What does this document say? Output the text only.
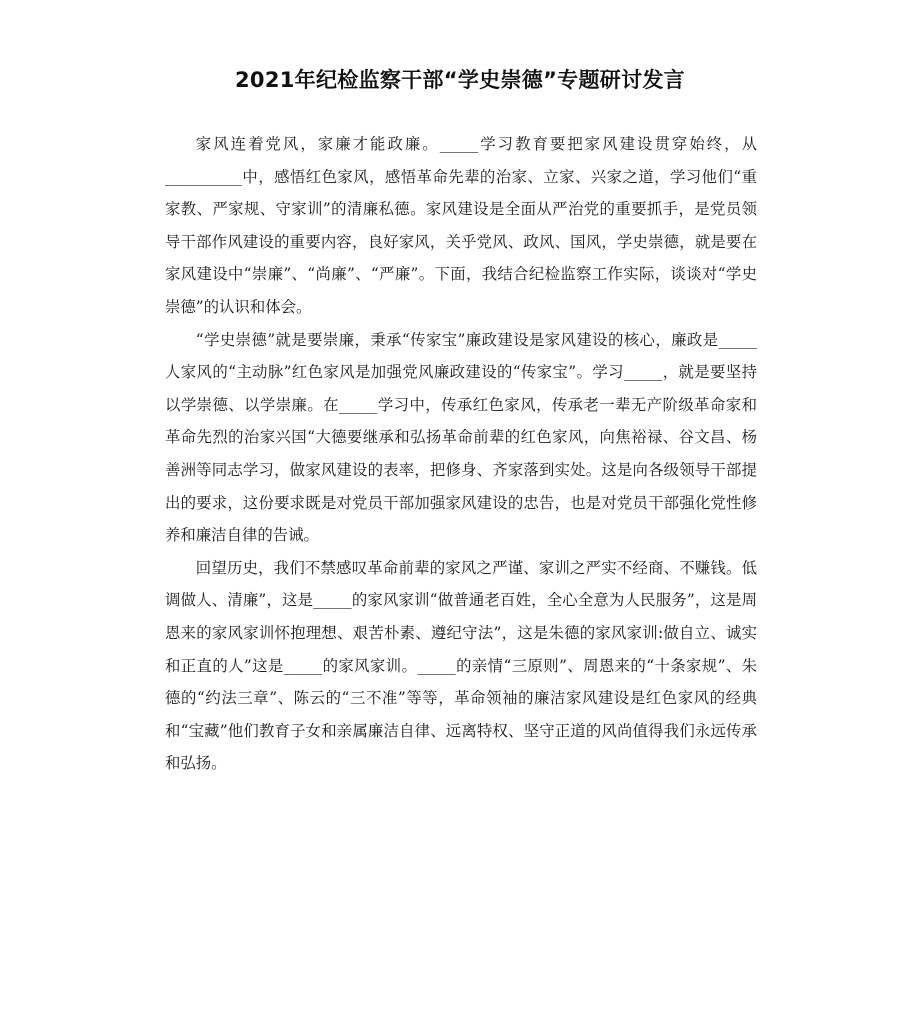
2021年纪检监察干部“学史崇德”专题研讨发言

家风连着党风，家廉才能政廉。_____学习教育要把家风建设贯穿始终，从__________中，感悟红色家风，感悟革命先辈的治家、立家、兴家之道，学习他们“重家教、严家规、守家训”的清廉私德。家风建设是全面从严治党的重要抓手，是党员领导干部作风建设的重要内容，良好家风，关乎党风、政风、国风，学史崇德，就是要在家风建设中“崇廉”、“尚廉”、“严廉”。下面，我结合纪检监察工作实际，谈谈对“学史崇德”的认识和体会。

“学史崇德”就是要崇廉，秉承“传家宝”廉政建设是家风建设的核心，廉政是_____人家风的“主动脉”红色家风是加强党风廉政建设的“传家宝”。学习_____，就是要坚持以学崇德、以学崇廉。在_____学习中，传承红色家风，传承老一辈无产阶级革命家和革命先烈的治家兴国“大德要继承和弘扬革命前辈的红色家风，向焦裕禄、谷文昌、杨善洲等同志学习，做家风建设的表率，把修身、齐家落到实处。这是向各级领导干部提出的要求，这份要求既是对党员干部加强家风建设的忠告，也是对党员干部强化党性修养和廉洁自律的告诫。

回望历史，我们不禁感叹革命前辈的家风之严谨、家训之严实不经商、不赚钱。低调做人、清廉”，这是_____的家风家训“做普通老百姓，全心全意为人民服务”，这是周恩来的家风家训怀抱理想、艰苦朴素、遵纪守法”，这是朱德的家风家训:做自立、诚实和正直的人”这是_____的家风家训。_____的亲情“三原则”、周恩来的“十条家规”、朱德的“约法三章”、陈云的“三不准”等等，革命领袖的廉洁家风建设是红色家风的经典和“宝藏”他们教育子女和亲属廉洁自律、远离特权、坚守正道的风尚值得我们永远传承和弘扬。
